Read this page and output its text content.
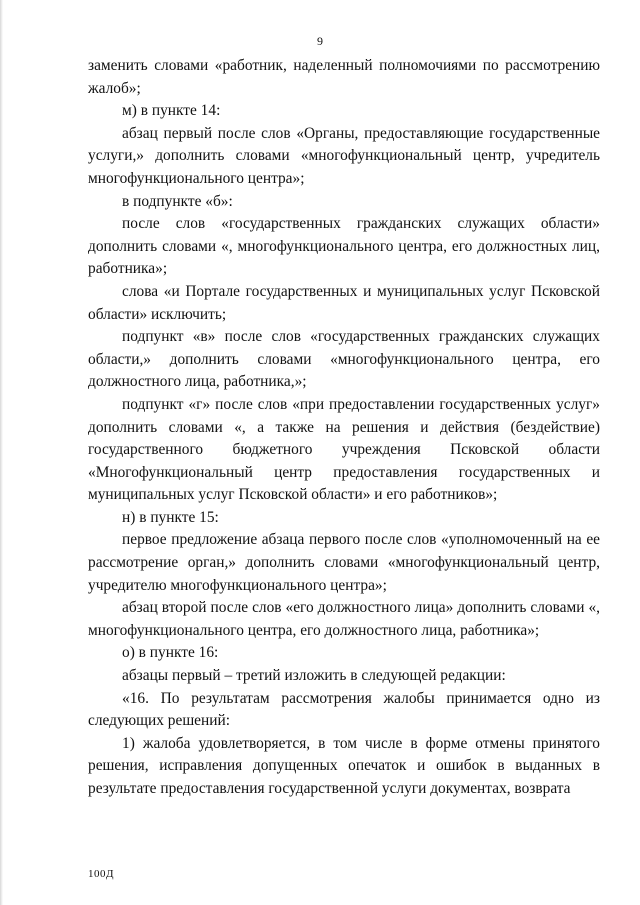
9

заменить словами «работник, наделенный полномочиями по рассмотрению жалоб»;

м) в пункте 14:

абзац первый после слов «Органы, предоставляющие государственные услуги,» дополнить словами «многофункциональный центр, учредитель многофункционального центра»;

в подпункте «б»:

после слов «государственных гражданских служащих области» дополнить словами «, многофункционального центра, его должностных лиц, работника»;

слова «и Портале государственных и муниципальных услуг Псковской области» исключить;

подпункт «в» после слов «государственных гражданских служащих области,» дополнить словами «многофункционального центра, его должностного лица, работника,»;

подпункт «г» после слов «при предоставлении государственных услуг» дополнить словами «, а также на решения и действия (бездействие) государственного бюджетного учреждения Псковской области «Многофункциональный центр предоставления государственных и муниципальных услуг Псковской области» и его работников»;

н) в пункте 15:

первое предложение абзаца первого после слов «уполномоченный на ее рассмотрение орган,» дополнить словами «многофункциональный центр, учредителю многофункционального центра»;

абзац второй после слов «его должностного лица» дополнить словами «, многофункционального центра, его должностного лица, работника»;

о) в пункте 16:

абзацы первый – третий изложить в следующей редакции:

«16. По результатам рассмотрения жалобы принимается одно из следующих решений:

1) жалоба удовлетворяется, в том числе в форме отмены принятого решения, исправления допущенных опечаток и ошибок в выданных в результате предоставления государственной услуги документах, возврата

100Д
